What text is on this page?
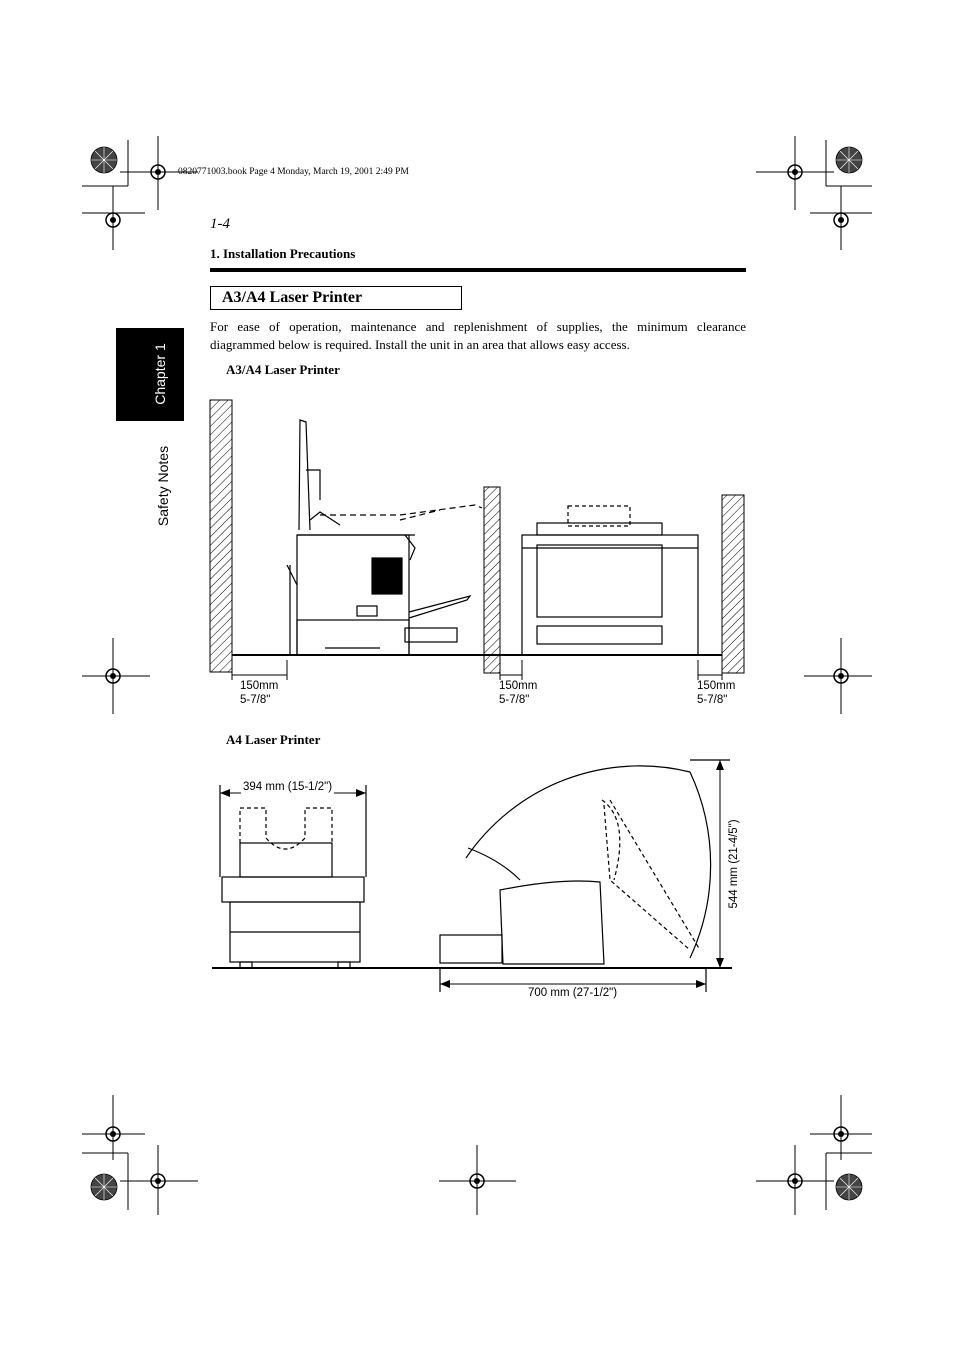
0820771003.book Page 4 Monday, March 19, 2001 2:49 PM
1-4
1. Installation Precautions
Chapter 1
Safety Notes
A3/A4 Laser Printer
For ease of operation, maintenance and replenishment of supplies, the minimum clearance diagrammed below is required. Install the unit in an area that allows easy access.
A3/A4 Laser Printer
150mm
5-7/8"
150mm
5-7/8"
150mm
5-7/8"
A4 Laser Printer
394 mm (15-1/2")
700 mm (27-1/2")
544 mm (21-4/5")
